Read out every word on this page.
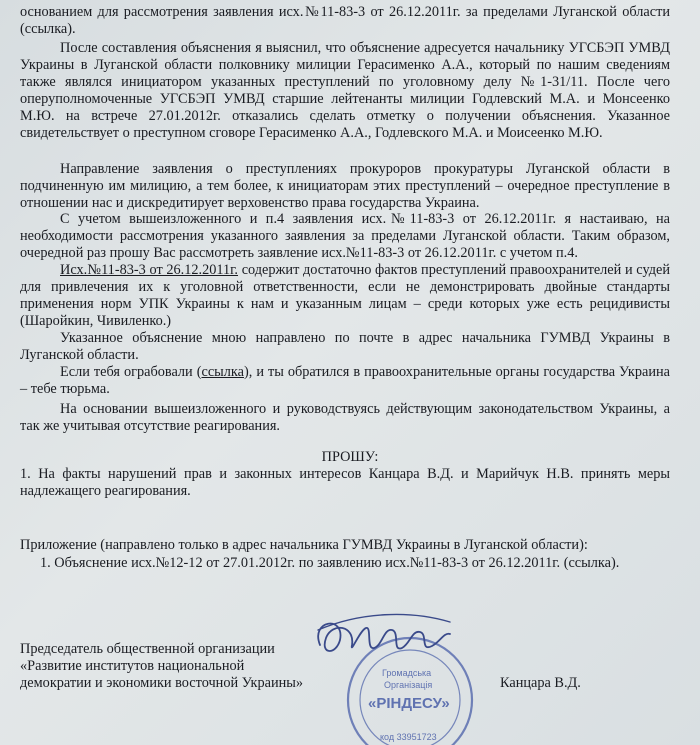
основанием для рассмотрения заявления исх.№11-83-3 от 26.12.2011г. за пределами Луганской области (ссылка).

После составления объяснения я выяснил, что объяснение адресуется начальнику УГСБЭП УМВД Украины в Луганской области полковнику милиции Герасименко А.А., который по нашим сведениям также являлся инициатором указанных преступлений по уголовному делу №1-31/11. После чего оперуполномоченные УГСБЭП УМВД старшие лейтенанты милиции Годлевский М.А. и Монсеенко М.Ю. на встрече 27.01.2012г. отказались сделать отметку о получении объяснения. Указанное свидетельствует о преступном сговоре Герасименко А.А., Годлевского М.А. и Моисеенко М.Ю.

Направление заявления о преступлениях прокуроров прокуратуры Луганской области в подчиненную им милицию, а тем более, к инициаторам этих преступлений – очередное преступление в отношении нас и дискредитирует верховенство права государства Украина.

С учетом вышеизложенного и п.4 заявления исх.№11-83-3 от 26.12.2011г. я настаиваю, на необходимости рассмотрения указанного заявления за пределами Луганской области. Таким образом, очередной раз прошу Вас рассмотреть заявление исх.№11-83-3 от 26.12.2011г. с учетом п.4.

Исх.№11-83-3 от 26.12.2011г. содержит достаточно фактов преступлений правоохранителей и судей для привлечения их к уголовной ответственности, если не демонстрировать двойные стандарты применения норм УПК Украины к нам и указанным лицам – среди которых уже есть рецидивисты (Шаройкин, Чивиленко.)

Указанное объяснение мною направлено по почте в адрес начальника ГУМВД Украины в Луганской области.

Если тебя ограбовали (ссылка), и ты обратился в правоохранительные органы государства Украина – тебе тюрьма.

На основании вышеизложенного и руководствуясь действующим законодательством Украины, а так же учитывая отсутствие реагирования.

ПРОШУ:

1. На факты нарушений прав и законных интересов Канцара В.Д. и Марийчук Н.В. принять меры надлежащего реагирования.

Приложение (направлено только в адрес начальника ГУМВД Украины в Луганской области):

1. Объяснение исх.№12-12 от 27.01.2012г. по заявлению исх.№11-83-3 от 26.12.2011г. (ссылка).

Председатель общественной организации
«Развитие институтов национальной
демократии и экономики восточной Украины»
Громадська
Організація
«РІНДЕСУ»
код 33951723
Канцара В.Д.
